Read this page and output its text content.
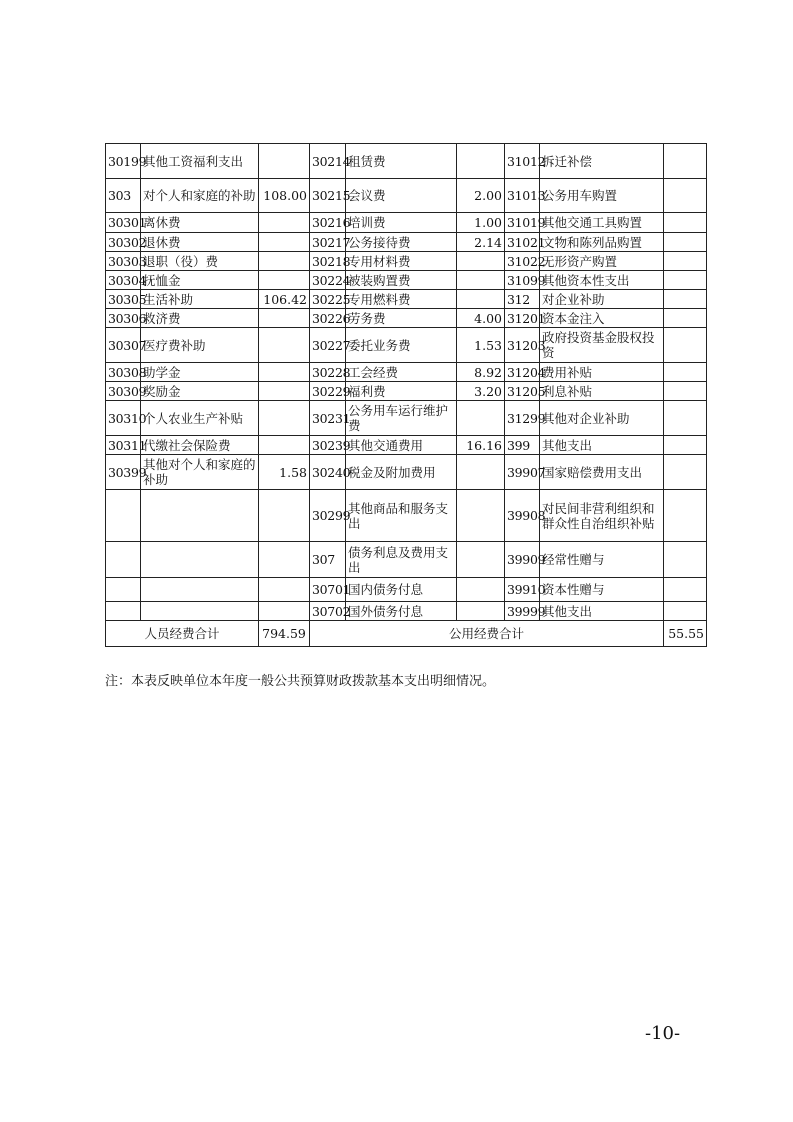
30199	其他工资福利支出		30214	租赁费		31012	拆迁补偿	
303	对个人和家庭的补助	108.00	30215	会议费	2.00	31013	公务用车购置	
30301	离休费		30216	培训费	1.00	31019	其他交通工具购置	
30302	退休费		30217	公务接待费	2.14	31021	文物和陈列品购置	
30303	退职（役）费		30218	专用材料费		31022	无形资产购置	
30304	抚恤金		30224	被装购置费		31099	其他资本性支出	
30305	生活补助	106.42	30225	专用燃料费		312	对企业补助	
30306	救济费		30226	劳务费	4.00	31201	资本金注入	
30307	医疗费补助		30227	委托业务费	1.53	31203	政府投资基金股权投资	
30308	助学金		30228	工会经费	8.92	31204	费用补贴	
30309	奖励金		30229	福利费	3.20	31205	利息补贴	
30310	个人农业生产补贴		30231	公务用车运行维护费		31299	其他对企业补助	
30311	代缴社会保险费		30239	其他交通费用	16.16	399	其他支出	
30399	其他对个人和家庭的补助	1.58	30240	税金及附加费用		39907	国家赔偿费用支出	
			30299	其他商品和服务支出		39908	对民间非营利组织和群众性自治组织补贴	
			307	债务利息及费用支出		39909	经常性赠与	
			30701	国内债务付息		39910	资本性赠与	
			30702	国外债务付息		39999	其他支出	
人员经费合计		794.59	公用经费合计					55.55
注：本表反映单位本年度一般公共预算财政拨款基本支出明细情况。
-10-
